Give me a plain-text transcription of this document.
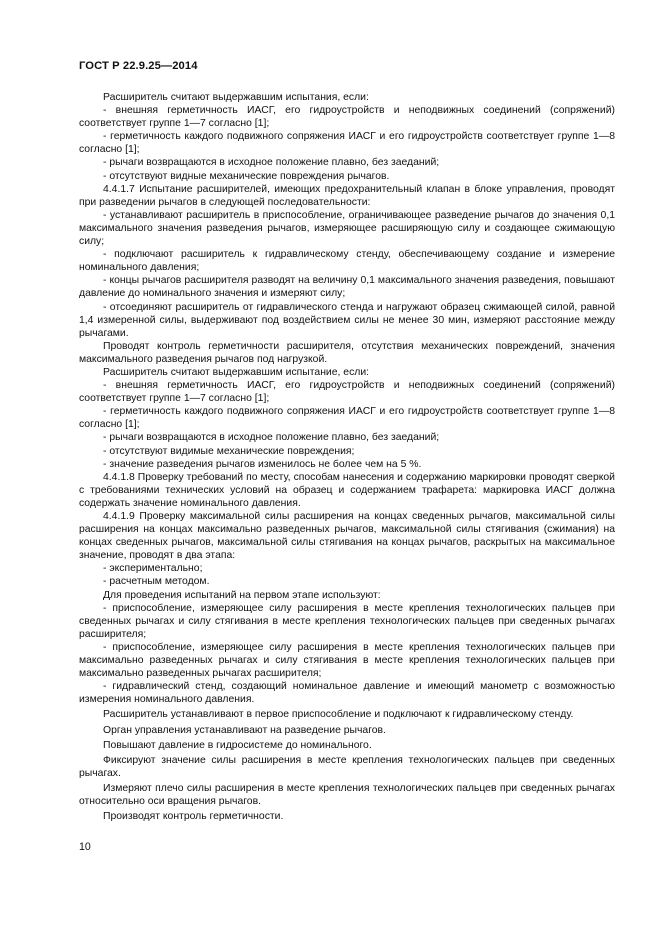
ГОСТ Р 22.9.25—2014

Расширитель считают выдержавшим испытания, если:

- внешняя герметичность ИАСГ, его гидроустройств и неподвижных соединений (сопряжений) соответствует группе 1—7 согласно [1];

- герметичность каждого подвижного сопряжения ИАСГ и его гидроустройств соответствует группе 1—8 согласно [1];

- рычаги возвращаются в исходное положение плавно, без заеданий;

- отсутствуют видные механические повреждения рычагов.

4.4.1.7 Испытание расширителей, имеющих предохранительный клапан в блоке управления, проводят при разведении рычагов в следующей последовательности:

- устанавливают расширитель в приспособление, ограничивающее разведение рычагов до значения 0,1 максимального значения разведения рычагов, измеряющее расширяющую силу и создающее сжимающую силу;

- подключают расширитель к гидравлическому стенду, обеспечивающему создание и измерение номинального давления;

- концы рычагов расширителя разводят на величину 0,1 максимального значения разведения, повышают давление до номинального значения и измеряют силу;

- отсоединяют расширитель от гидравлического стенда и нагружают образец сжимающей силой, равной 1,4 измеренной силы, выдерживают под воздействием силы не менее 30 мин, измеряют расстояние между рычагами.

Проводят контроль герметичности расширителя, отсутствия механических повреждений, значения максимального разведения рычагов под нагрузкой.

Расширитель считают выдержавшим испытание, если:

- внешняя герметичность ИАСГ, его гидроустройств и неподвижных соединений (сопряжений) соответствует группе 1—7 согласно [1];

- герметичность каждого подвижного сопряжения ИАСГ и его гидроустройств соответствует группе 1—8 согласно [1];

- рычаги возвращаются в исходное положение плавно, без заеданий;

- отсутствуют видимые механические повреждения;

- значение разведения рычагов изменилось не более чем на 5 %.

4.4.1.8 Проверку требований по месту, способам нанесения и содержанию маркировки проводят сверкой с требованиями технических условий на образец и содержанием трафарета: маркировка ИАСГ должна содержать значение номинального давления.

4.4.1.9 Проверку максимальной силы расширения на концах сведенных рычагов, максимальной силы расширения на концах максимально разведенных рычагов, максимальной силы стягивания (сжимания) на концах сведенных рычагов, максимальной силы стягивания на концах рычагов, раскрытых на максимальное значение, проводят в два этапа:

- экспериментально;

- расчетным методом.

Для проведения испытаний на первом этапе используют:

- приспособление, измеряющее силу расширения в месте крепления технологических пальцев при сведенных рычагах и силу стягивания в месте крепления технологических пальцев при сведенных рычагах расширителя;

- приспособление, измеряющее силу расширения в месте крепления технологических пальцев при максимально разведенных рычагах и силу стягивания в месте крепления технологических пальцев при максимально разведенных рычагах расширителя;

- гидравлический стенд, создающий номинальное давление и имеющий манометр с возможностью измерения номинального давления.

Расширитель устанавливают в первое приспособление и подключают к гидравлическому стенду.

Орган управления устанавливают на разведение рычагов.

Повышают давление в гидросистеме до номинального.

Фиксируют значение силы расширения в месте крепления технологических пальцев при сведенных рычагах.

Измеряют плечо силы расширения в месте крепления технологических пальцев при сведенных рычагах относительно оси вращения рычагов.

Производят контроль герметичности.

10
